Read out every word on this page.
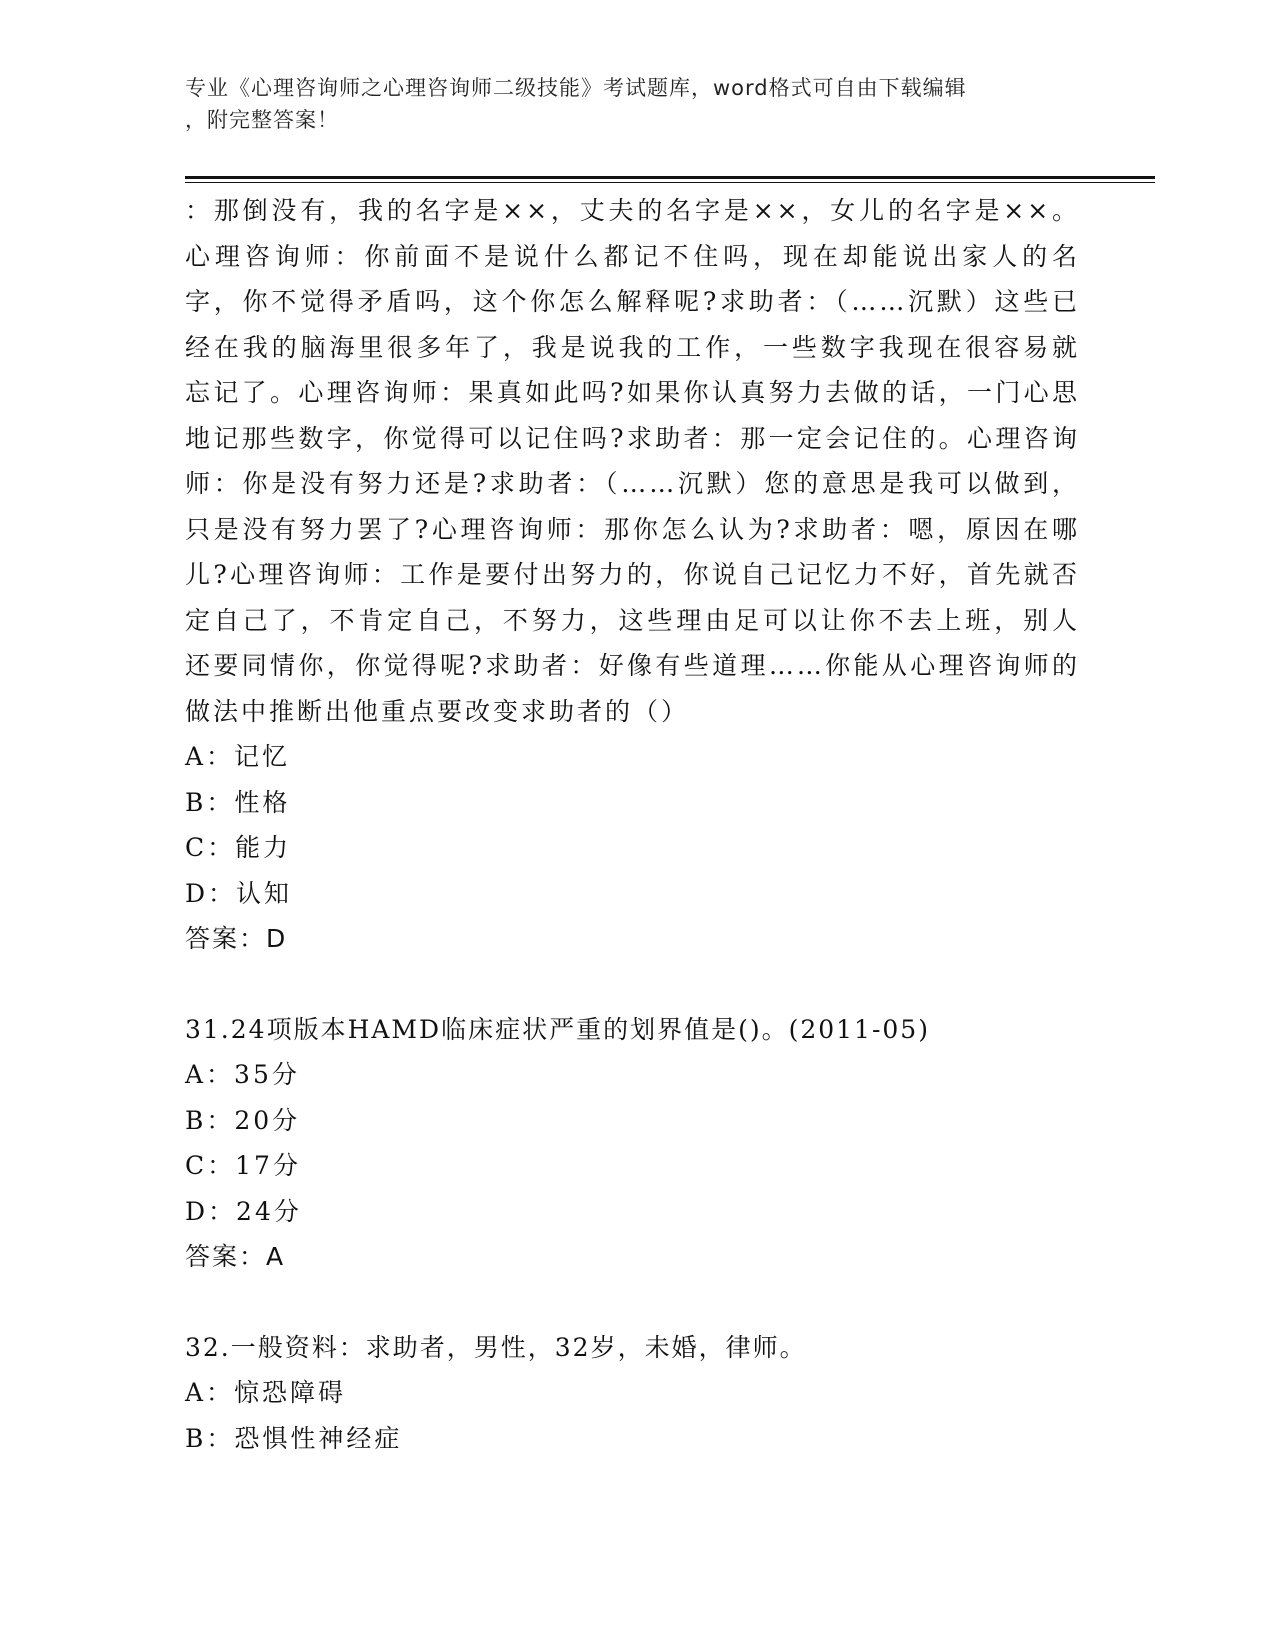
专业《心理咨询师之心理咨询师二级技能》考试题库，word格式可自由下载编辑
，附完整答案！

：那倒没有，我的名字是××，丈夫的名字是××，女儿的名字是××。心理咨询师：你前面不是说什么都记不住吗，现在却能说出家人的名字，你不觉得矛盾吗，这个你怎么解释呢?求助者：（……沉默）这些已经在我的脑海里很多年了，我是说我的工作，一些数字我现在很容易就忘记了。心理咨询师：果真如此吗?如果你认真努力去做的话，一门心思地记那些数字，你觉得可以记住吗?求助者：那一定会记住的。心理咨询师：你是没有努力还是?求助者：（……沉默）您的意思是我可以做到，只是没有努力罢了?心理咨询师：那你怎么认为?求助者：嗯，原因在哪儿?心理咨询师：工作是要付出努力的，你说自己记忆力不好，首先就否定自己了，不肯定自己，不努力，这些理由足可以让你不去上班，别人还要同情你，你觉得呢?求助者：好像有些道理……你能从心理咨询师的做法中推断出他重点要改变求助者的（）

A：记忆

B：性格

C：能力

D：认知

答案：D

31.24项版本HAMD临床症状严重的划界值是()。(2011-05)

A：35分

B：20分

C：17分

D：24分

答案：A

32.一般资料：求助者，男性，32岁，未婚，律师。

A：惊恐障碍

B：恐惧性神经症
